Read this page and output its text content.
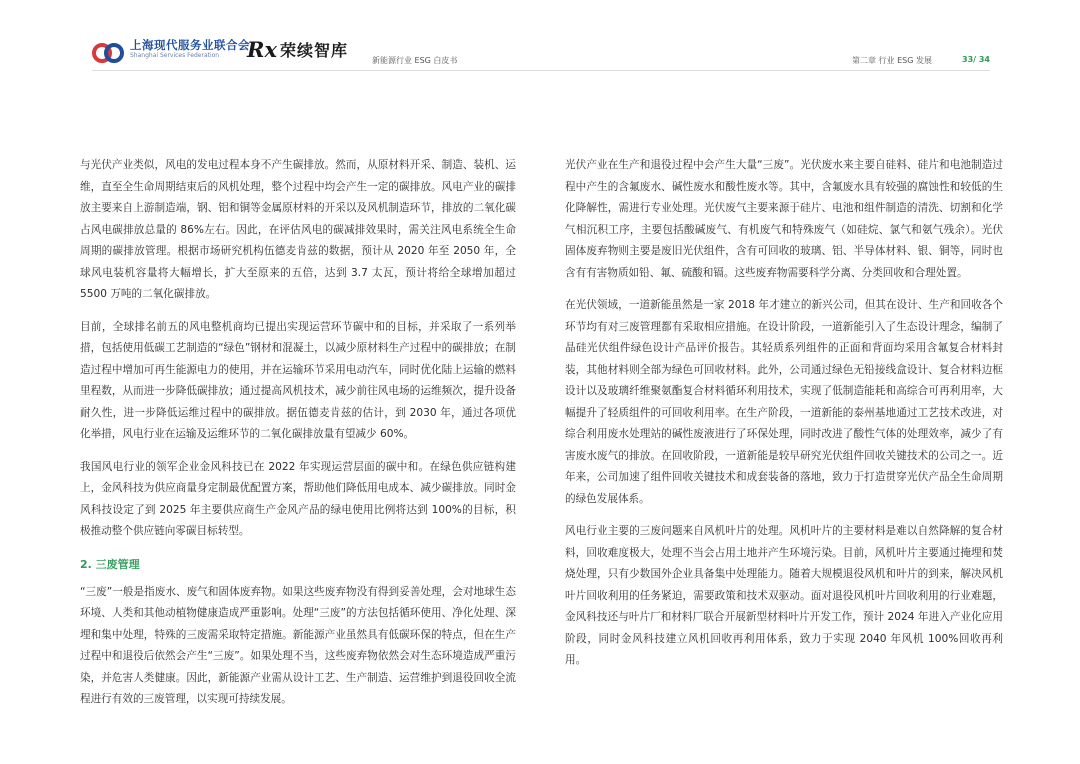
上海现代服务业联合会
Shanghai Services Federation	Rx 荣续智库
新能源行业 ESG 白皮书	第二章 行业 ESG 发展	33/ 34

与光伏产业类似，风电的发电过程本身不产生碳排放。然而，从原材料开采、制造、装机、运维，直至全生命周期结束后的风机处理，整个过程中均会产生一定的碳排放。风电产业的碳排放主要来自上游制造端，钢、铝和铜等金属原材料的开采以及风机制造环节，排放的二氧化碳占风电碳排放总量的 86%左右。因此，在评估风电的碳减排效果时，需关注风电系统全生命周期的碳排放管理。根据市场研究机构伍德麦肯兹的数据，预计从 2020 年至 2050 年，全球风电装机容量将大幅增长，扩大至原来的五倍，达到 3.7 太瓦，预计将给全球增加超过 5500 万吨的二氧化碳排放。

目前，全球排名前五的风电整机商均已提出实现运营环节碳中和的目标，并采取了一系列举措，包括使用低碳工艺制造的“绿色”钢材和混凝土，以减少原材料生产过程中的碳排放；在制造过程中增加可再生能源电力的使用，并在运输环节采用电动汽车，同时优化陆上运输的燃料里程数，从而进一步降低碳排放；通过提高风机技术，减少前往风电场的运维频次，提升设备耐久性，进一步降低运维过程中的碳排放。据伍德麦肯兹的估计，到 2030 年，通过各项优化举措，风电行业在运输及运维环节的二氧化碳排放量有望减少 60%。

我国风电行业的领军企业金风科技已在 2022 年实现运营层面的碳中和。在绿色供应链构建上，金风科技为供应商量身定制最优配置方案，帮助他们降低用电成本、减少碳排放。同时金风科技设定了到 2025 年主要供应商生产金风产品的绿电使用比例将达到 100%的目标，积极推动整个供应链向零碳目标转型。

2. 三废管理

“三废”一般是指废水、废气和固体废弃物。如果这些废弃物没有得到妥善处理，会对地球生态环境、人类和其他动植物健康造成严重影响。处理“三废”的方法包括循环使用、净化处理、深埋和集中处理，特殊的三废需采取特定措施。新能源产业虽然具有低碳环保的特点，但在生产过程中和退役后依然会产生“三废”。如果处理不当，这些废弃物依然会对生态环境造成严重污染，并危害人类健康。因此，新能源产业需从设计工艺、生产制造、运营维护到退役回收全流程进行有效的三废管理，以实现可持续发展。

光伏产业在生产和退役过程中会产生大量“三废”。光伏废水来主要自硅料、硅片和电池制造过程中产生的含氟废水、碱性废水和酸性废水等。其中，含氟废水具有较强的腐蚀性和较低的生化降解性，需进行专业处理。光伏废气主要来源于硅片、电池和组件制造的清洗、切割和化学气相沉积工序，主要包括酸碱废气、有机废气和特殊废气（如硅烷、氯气和氨气残余）。光伏固体废弃物则主要是废旧光伏组件，含有可回收的玻璃、铝、半导体材料、银、铜等，同时也含有有害物质如铅、氟、硫酸和镉。这些废弃物需要科学分离、分类回收和合理处置。

在光伏领域，一道新能虽然是一家 2018 年才建立的新兴公司，但其在设计、生产和回收各个环节均有对三废管理都有采取相应措施。在设计阶段，一道新能引入了生态设计理念，编制了晶硅光伏组件绿色设计产品评价报告。其轻质系列组件的正面和背面均采用含氟复合材料封装，其他材料则全部为绿色可回收材料。此外，公司通过绿色无铅接线盒设计、复合材料边框设计以及玻璃纤维聚氨酯复合材料循环利用技术，实现了低制造能耗和高综合可再利用率，大幅提升了轻质组件的可回收利用率。在生产阶段，一道新能的泰州基地通过工艺技术改进，对综合利用废水处理站的碱性废液进行了环保处理，同时改进了酸性气体的处理效率，减少了有害废水废气的排放。在回收阶段，一道新能是较早研究光伏组件回收关键技术的公司之一。近年来，公司加速了组件回收关键技术和成套装备的落地，致力于打造贯穿光伏产品全生命周期的绿色发展体系。

风电行业主要的三废问题来自风机叶片的处理。风机叶片的主要材料是难以自然降解的复合材料，回收难度极大，处理不当会占用土地并产生环境污染。目前，风机叶片主要通过掩埋和焚烧处理，只有少数国外企业具备集中处理能力。随着大规模退役风机和叶片的到来，解决风机叶片回收利用的任务紧迫，需要政策和技术双驱动。面对退役风机叶片回收利用的行业难题，金风科技还与叶片厂和材料厂联合开展新型材料叶片开发工作，预计 2024 年进入产业化应用阶段，同时金风科技建立风机回收再利用体系，致力于实现 2040 年风机 100%回收再利用。
